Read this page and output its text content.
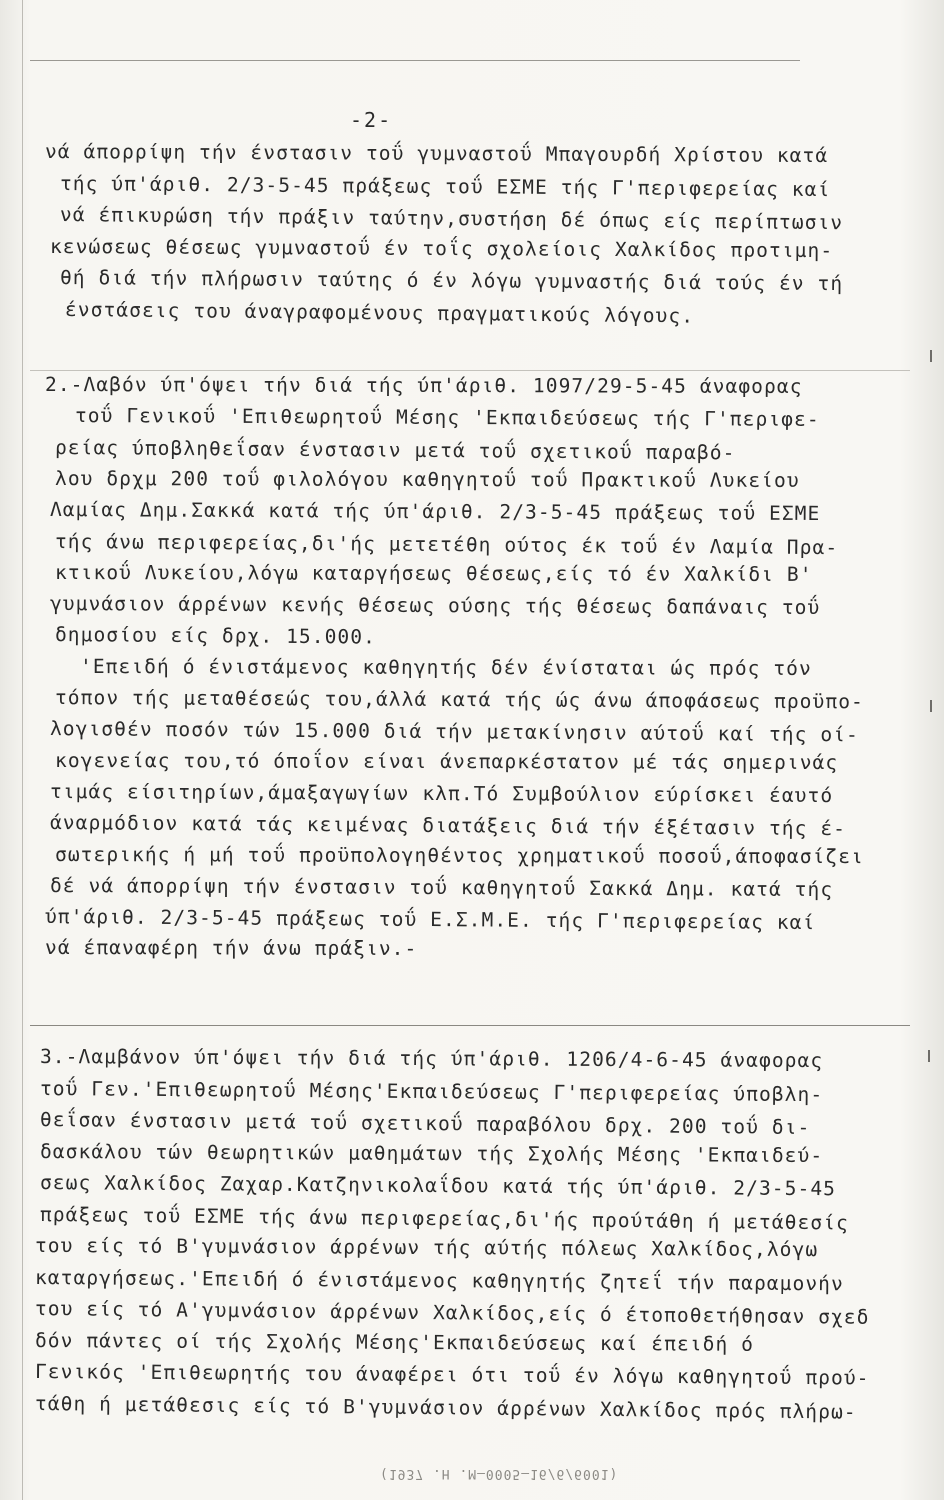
-2-
νά άπορρίψη τήν ένστασιν τοΰ γυμναστοΰ Μπαγουρδή Χρίστου κατά
τής ύπ'άριθ. 2/3-5-45 πράξεως τοΰ ΕΣΜΕ τής Γ'περιφερείας καί
νά έπικυρώση τήν πράξιν ταύτην,συστήση δέ όπως είς περίπτωσιν
κενώσεως θέσεως γυμναστοΰ έν τοΐς σχολείοις Χαλκίδος προτιμη-
θή διά τήν πλήρωσιν ταύτης ό έν λόγω γυμναστής διά τούς έν τή
ένστάσεις του άναγραφομένους πραγματικούς λόγους.
2.-Λαβόν ύπ'όψει τήν διά τής ύπ'άριθ. 1097/29-5-45 άναφορας
τοΰ Γενικοΰ 'Επιθεωρητοΰ Μέσης 'Εκπαιδεύσεως τής Γ'περιφε-
ρείας ύποβληθεΐσαν ένστασιν μετά τοΰ σχετικοΰ παραβό-
λου δρχμ 200 τοΰ φιλολόγου καθηγητοΰ τοΰ Πρακτικοΰ Λυκείου
Λαμίας Δημ.Σακκά κατά τής ύπ'άριθ. 2/3-5-45 πράξεως τοΰ ΕΣΜΕ
τής άνω περιφερείας,δι'ής μετετέθη ούτος έκ τοΰ έν Λαμία Πρα-
κτικοΰ Λυκείου,λόγω καταργήσεως θέσεως,είς τό έν Χαλκίδι Β'
γυμνάσιον άρρένων κενής θέσεως ούσης τής θέσεως δαπάναις τοΰ
δημοσίου είς δρχ. 15.000.
'Επειδή ό ένιστάμενος καθηγητής δέν ένίσταται ώς πρός τόν
τόπον τής μεταθέσεώς του,άλλά κατά τής ώς άνω άποφάσεως προϋπο-
λογισθέν ποσόν τών 15.000 διά τήν μετακίνησιν αύτοΰ καί τής οί-
κογενείας του,τό όποΐον είναι άνεπαρκέστατον μέ τάς σημερινάς
τιμάς είσιτηρίων,άμαξαγωγίων κλπ.Τό Συμβούλιον εύρίσκει έαυτό
άναρμόδιον κατά τάς κειμένας διατάξεις διά τήν έξέτασιν τής έ-
σωτερικής ή μή τοΰ προϋπολογηθέντος χρηματικοΰ ποσοΰ,άποφασίζει
δέ νά άπορρίψη τήν ένστασιν τοΰ καθηγητοΰ Σακκά Δημ. κατά τής
ύπ'άριθ. 2/3-5-45 πράξεως τοΰ Ε.Σ.Μ.Ε. τής Γ'περιφερείας καί
νά έπαναφέρη τήν άνω πράξιν.-
3.-Λαμβάνον ύπ'όψει τήν διά τής ύπ'άριθ. 1206/4-6-45 άναφορας
τοΰ Γεν.'Επιθεωρητοΰ Μέσης'Εκπαιδεύσεως Γ'περιφερείας ύποβλη-
θεΐσαν ένστασιν μετά τοΰ σχετικοΰ παραβόλου δρχ. 200 τοΰ δι-
δασκάλου τών θεωρητικών μαθημάτων τής Σχολής Μέσης 'Εκπαιδεύ-
σεως Χαλκίδος Ζαχαρ.Κατζηνικολαΐδου κατά τής ύπ'άριθ. 2/3-5-45
πράξεως τοΰ ΕΣΜΕ τής άνω περιφερείας,δι'ής προύτάθη ή μετάθεσίς
του είς τό Β'γυμνάσιον άρρένων τής αύτής πόλεως Χαλκίδος,λόγω
καταργήσεως.'Επειδή ό ένιστάμενος καθηγητής ζητεΐ τήν παραμονήν
του είς τό Α'γυμνάσιον άρρένων Χαλκίδος,είς ό έτοποθετήθησαν σχεδ
δόν πάντες οί τής Σχολής Μέσης'Εκπαιδεύσεως καί έπειδή ό
Γενικός 'Επιθεωρητής του άναφέρει ότι τοΰ έν λόγω καθηγητοΰ πρού-
τάθη ή μετάθεσις είς τό Β'γυμνάσιον άρρένων Χαλκίδος πρός πλήρω-
(1937 .Η .Μ—0005—16/6/6001)
